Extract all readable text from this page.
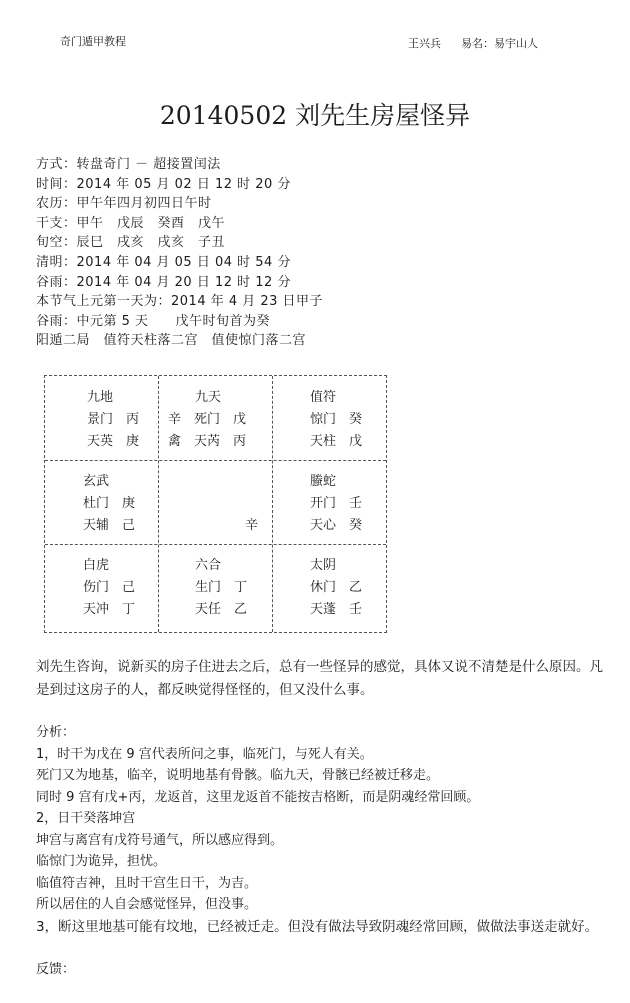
奇门遁甲教程	王兴兵 易名：易宇山人
20140502 刘先生房屋怪异
方式：转盘奇门 － 超接置闰法
时间：2014 年 05 月 02 日 12 时 20 分
农历：甲午年四月初四日午时
干支：甲午　戊辰　癸酉　戊午
旬空：辰巳　戌亥　戌亥　子丑
清明：2014 年 04 月 05 日 04 时 54 分
谷雨：2014 年 04 月 20 日 12 时 12 分
本节气上元第一天为：2014 年 4 月 23 日甲子
谷雨：中元第 5 天　　戊午时旬首为癸
阳遁二局　值符天柱落二宫　值使惊门落二宫
九地
景门　丙
天英　庚
九天
辛　死门　戊
禽　天芮　丙
值符
惊门　癸
天柱　戊
玄武
杜门　庚
天辅　己	辛
螣蛇
开门　壬
天心　癸
白虎
伤门　己
天冲　丁
六合
生门　丁
天任　乙
太阴
休门　乙
天蓬　壬
刘先生咨询，说新买的房子住进去之后，总有一些怪异的感觉，具体又说不清楚是什么原因。凡是到过这房子的人，都反映觉得怪怪的，但又没什么事。
分析：
1，时干为戊在 9 宫代表所问之事，临死门，与死人有关。
死门又为地基，临辛，说明地基有骨骸。临九天，骨骸已经被迁移走。
同时 9 宫有戊+丙，龙返首，这里龙返首不能按吉格断，而是阴魂经常回顾。
2，日干癸落坤宫
坤宫与离宫有戊符号通气，所以感应得到。
临惊门为诡异，担忧。
临值符吉神，且时干宫生日干，为吉。
所以居住的人自会感觉怪异，但没事。
3，断这里地基可能有坟地，已经被迁走。但没有做法导致阴魂经常回顾，做做法事送走就好。
反馈：
